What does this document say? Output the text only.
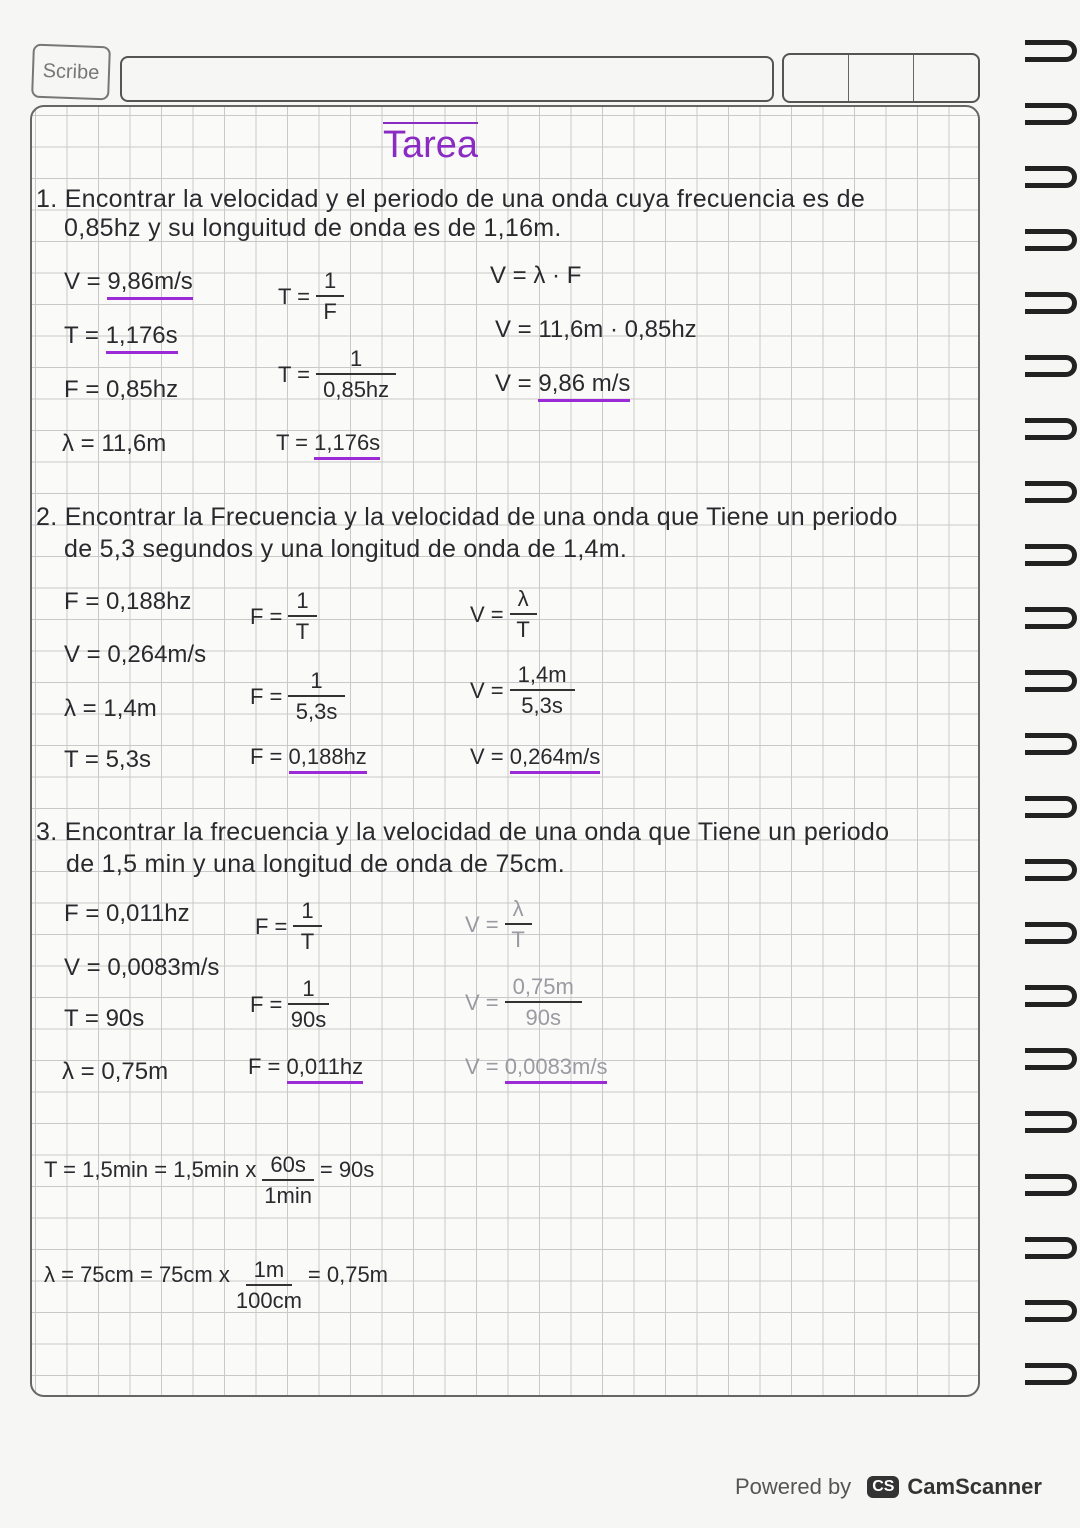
Scribe
Tarea
1. Encontrar la velocidad y el periodo de una onda cuya frecuencia es de
0,85hz y su longuitud de onda es de 1,16m.
V = 9,86m/s
T = 1,176s
F = 0,85hz
λ = 11,6m
$T = \frac{1}{F}$
$T = \frac{1}{0,85hz}$
T = 1,176s
V = λ · F
V = 11,6m · 0,85hz
V = 9,86 m/s
2. Encontrar la Frecuencia y la velocidad de una onda que Tiene un periodo
de 5,3 segundos y una longitud de onda de 1,4m.
F = 0,188hz
V = 0,264m/s
λ = 1,4m
T = 5,3s
$F = \frac{1}{T}$
$F = \frac{1}{5,3s}$
F = 0,188hz
$V = \frac{\lambda}{T}$
$V = \frac{1,4m}{5,3s}$
V = 0,264m/s
3. Encontrar la frecuencia y la velocidad de una onda que Tiene un periodo
de 1,5 min y una longitud de onda de 75cm.
F = 0,011hz
V = 0,0083m/s
T = 90s
λ = 0,75m
$F = \frac{1}{T}$
$F = \frac{1}{90s}$
F = 0,011hz
$V = \frac{\lambda}{T}$
$V = \frac{0,75m}{90s}$
V = 0,0083m/s
T = 1,5min = 1,5min x $\frac{60s}{1\min} = 90s$
λ = 75cm = 75cm x $\frac{1m}{100cm} = 0,75m$
Powered by	CS CamScanner
